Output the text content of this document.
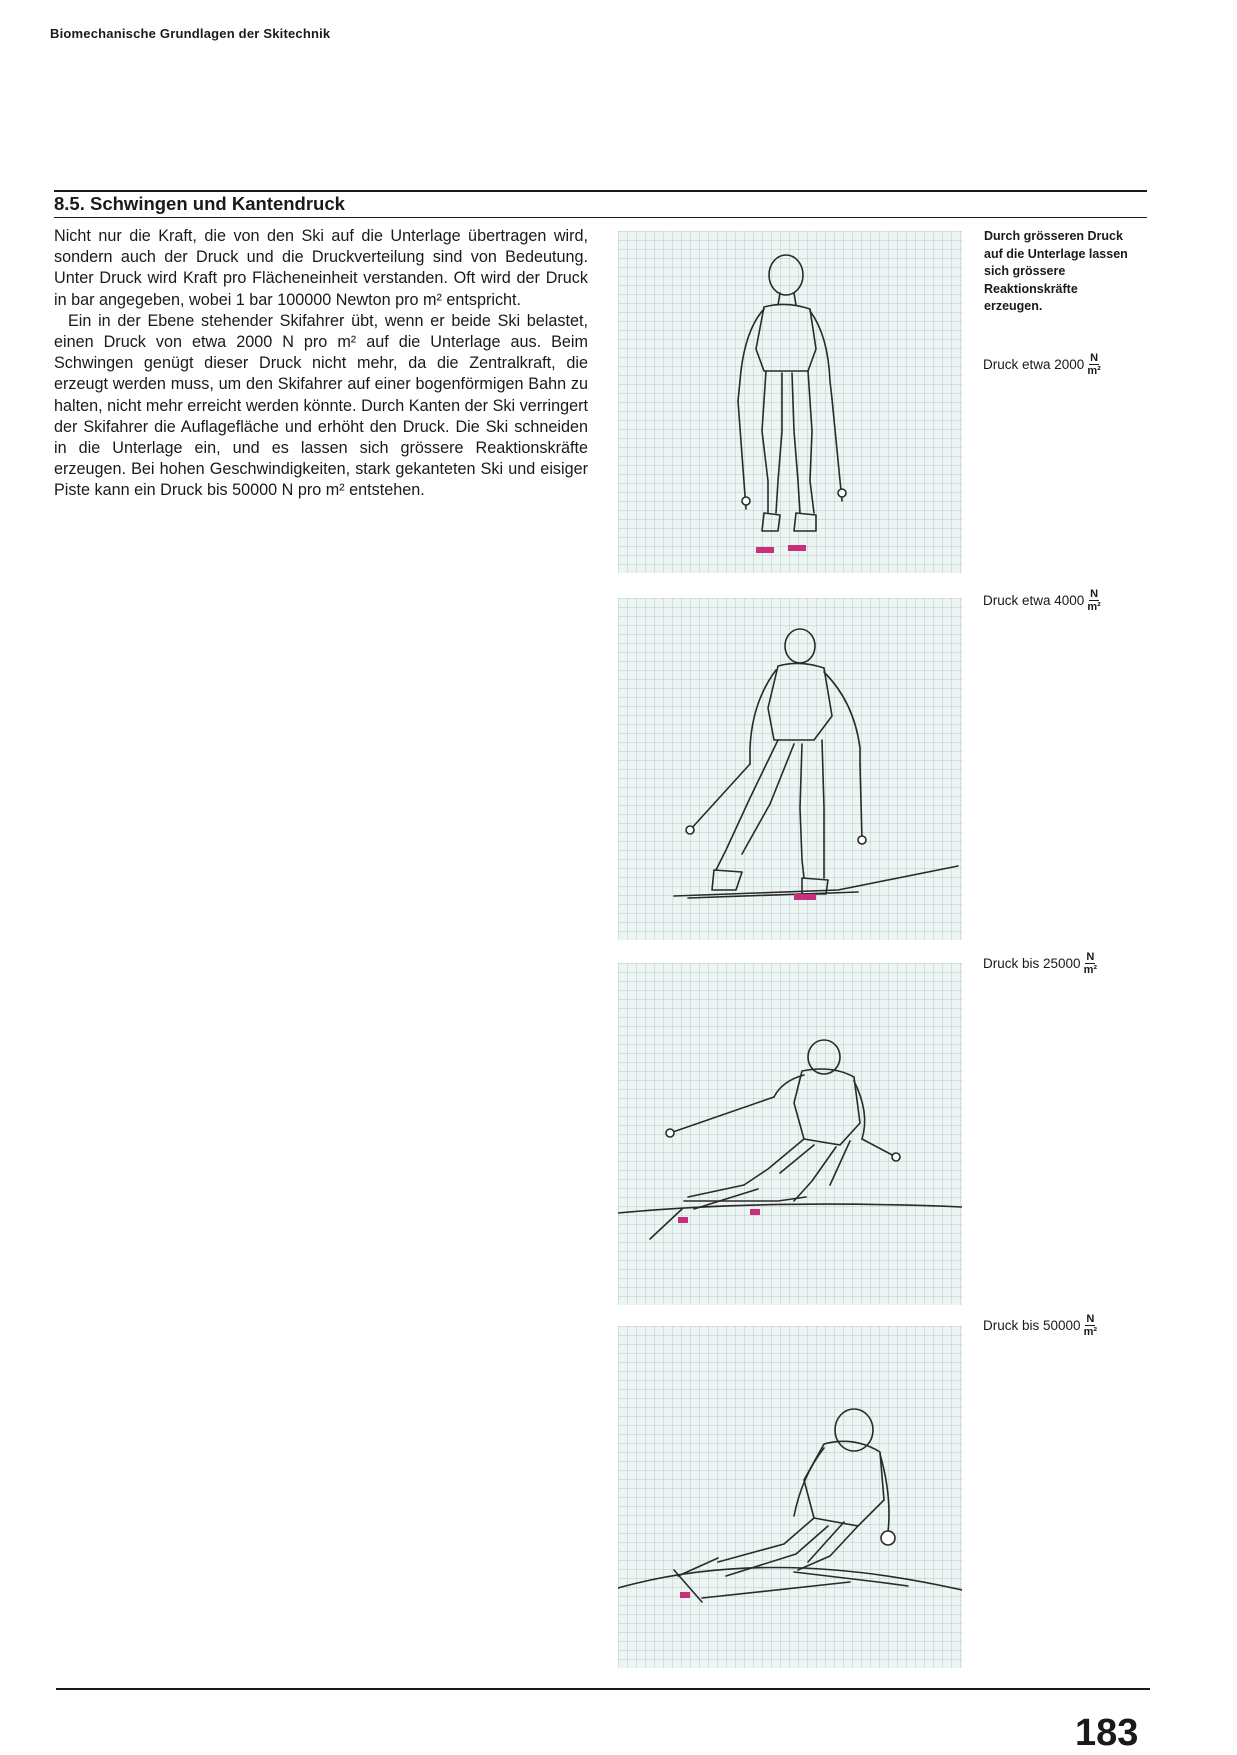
Biomechanische Grundlagen der Skitechnik
8.5. Schwingen und Kantendruck

Nicht nur die Kraft, die von den Ski auf die Unterlage übertragen wird, sondern auch der Druck und die Druckverteilung sind von Bedeutung. Unter Druck wird Kraft pro Flächeneinheit verstanden. Oft wird der Druck in bar angegeben, wobei 1 bar 100000 Newton pro m² entspricht.

Ein in der Ebene stehender Skifahrer übt, wenn er beide Ski belastet, einen Druck von etwa 2000 N pro m² auf die Unterlage aus. Beim Schwingen genügt dieser Druck nicht mehr, da die Zentralkraft, die erzeugt werden muss, um den Skifahrer auf einer bogenförmigen Bahn zu halten, nicht mehr erreicht werden könnte. Durch Kanten der Ski verringert der Skifahrer die Auflagefläche und erhöht den Druck. Die Ski schneiden in die Unterlage ein, und es lassen sich grössere Reaktionskräfte erzeugen. Bei hohen Geschwindigkeiten, stark gekanteten Ski und eisiger Piste kann ein Druck bis 50000 N pro m² entstehen.

Durch grösseren Druck auf die Unterlage lassen sich grössere Reaktionskräfte erzeugen.
Druck etwa $2000 \frac{N}{\text{m²}}$
Druck etwa $4000 \frac{N}{\text{m²}}$
Druck bis $25000 \frac{N}{\text{m²}}$
Druck bis $50000 \frac{N}{\text{m²}}$
183
